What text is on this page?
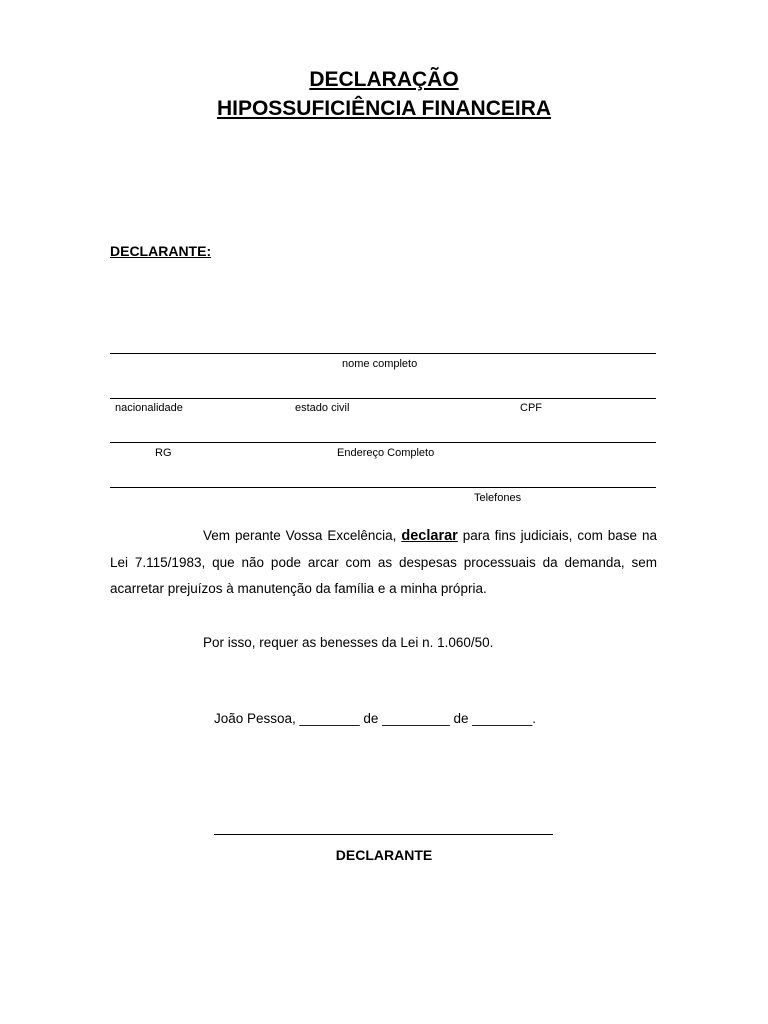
DECLARAÇÃO
HIPOSSUFICIÊNCIA FINANCEIRA
DECLARANTE:
nome completo
nacionalidade	estado civil	CPF
RG	Endereço Completo
Telefones
Vem perante Vossa Excelência, declarar para fins judiciais, com base na Lei 7.115/1983, que não pode arcar com as despesas processuais da demanda, sem acarretar prejuízos à manutenção da família e a minha própria.
Por isso, requer as benesses da Lei n. 1.060/50.
João Pessoa, ________ de _________ de ________.
DECLARANTE
